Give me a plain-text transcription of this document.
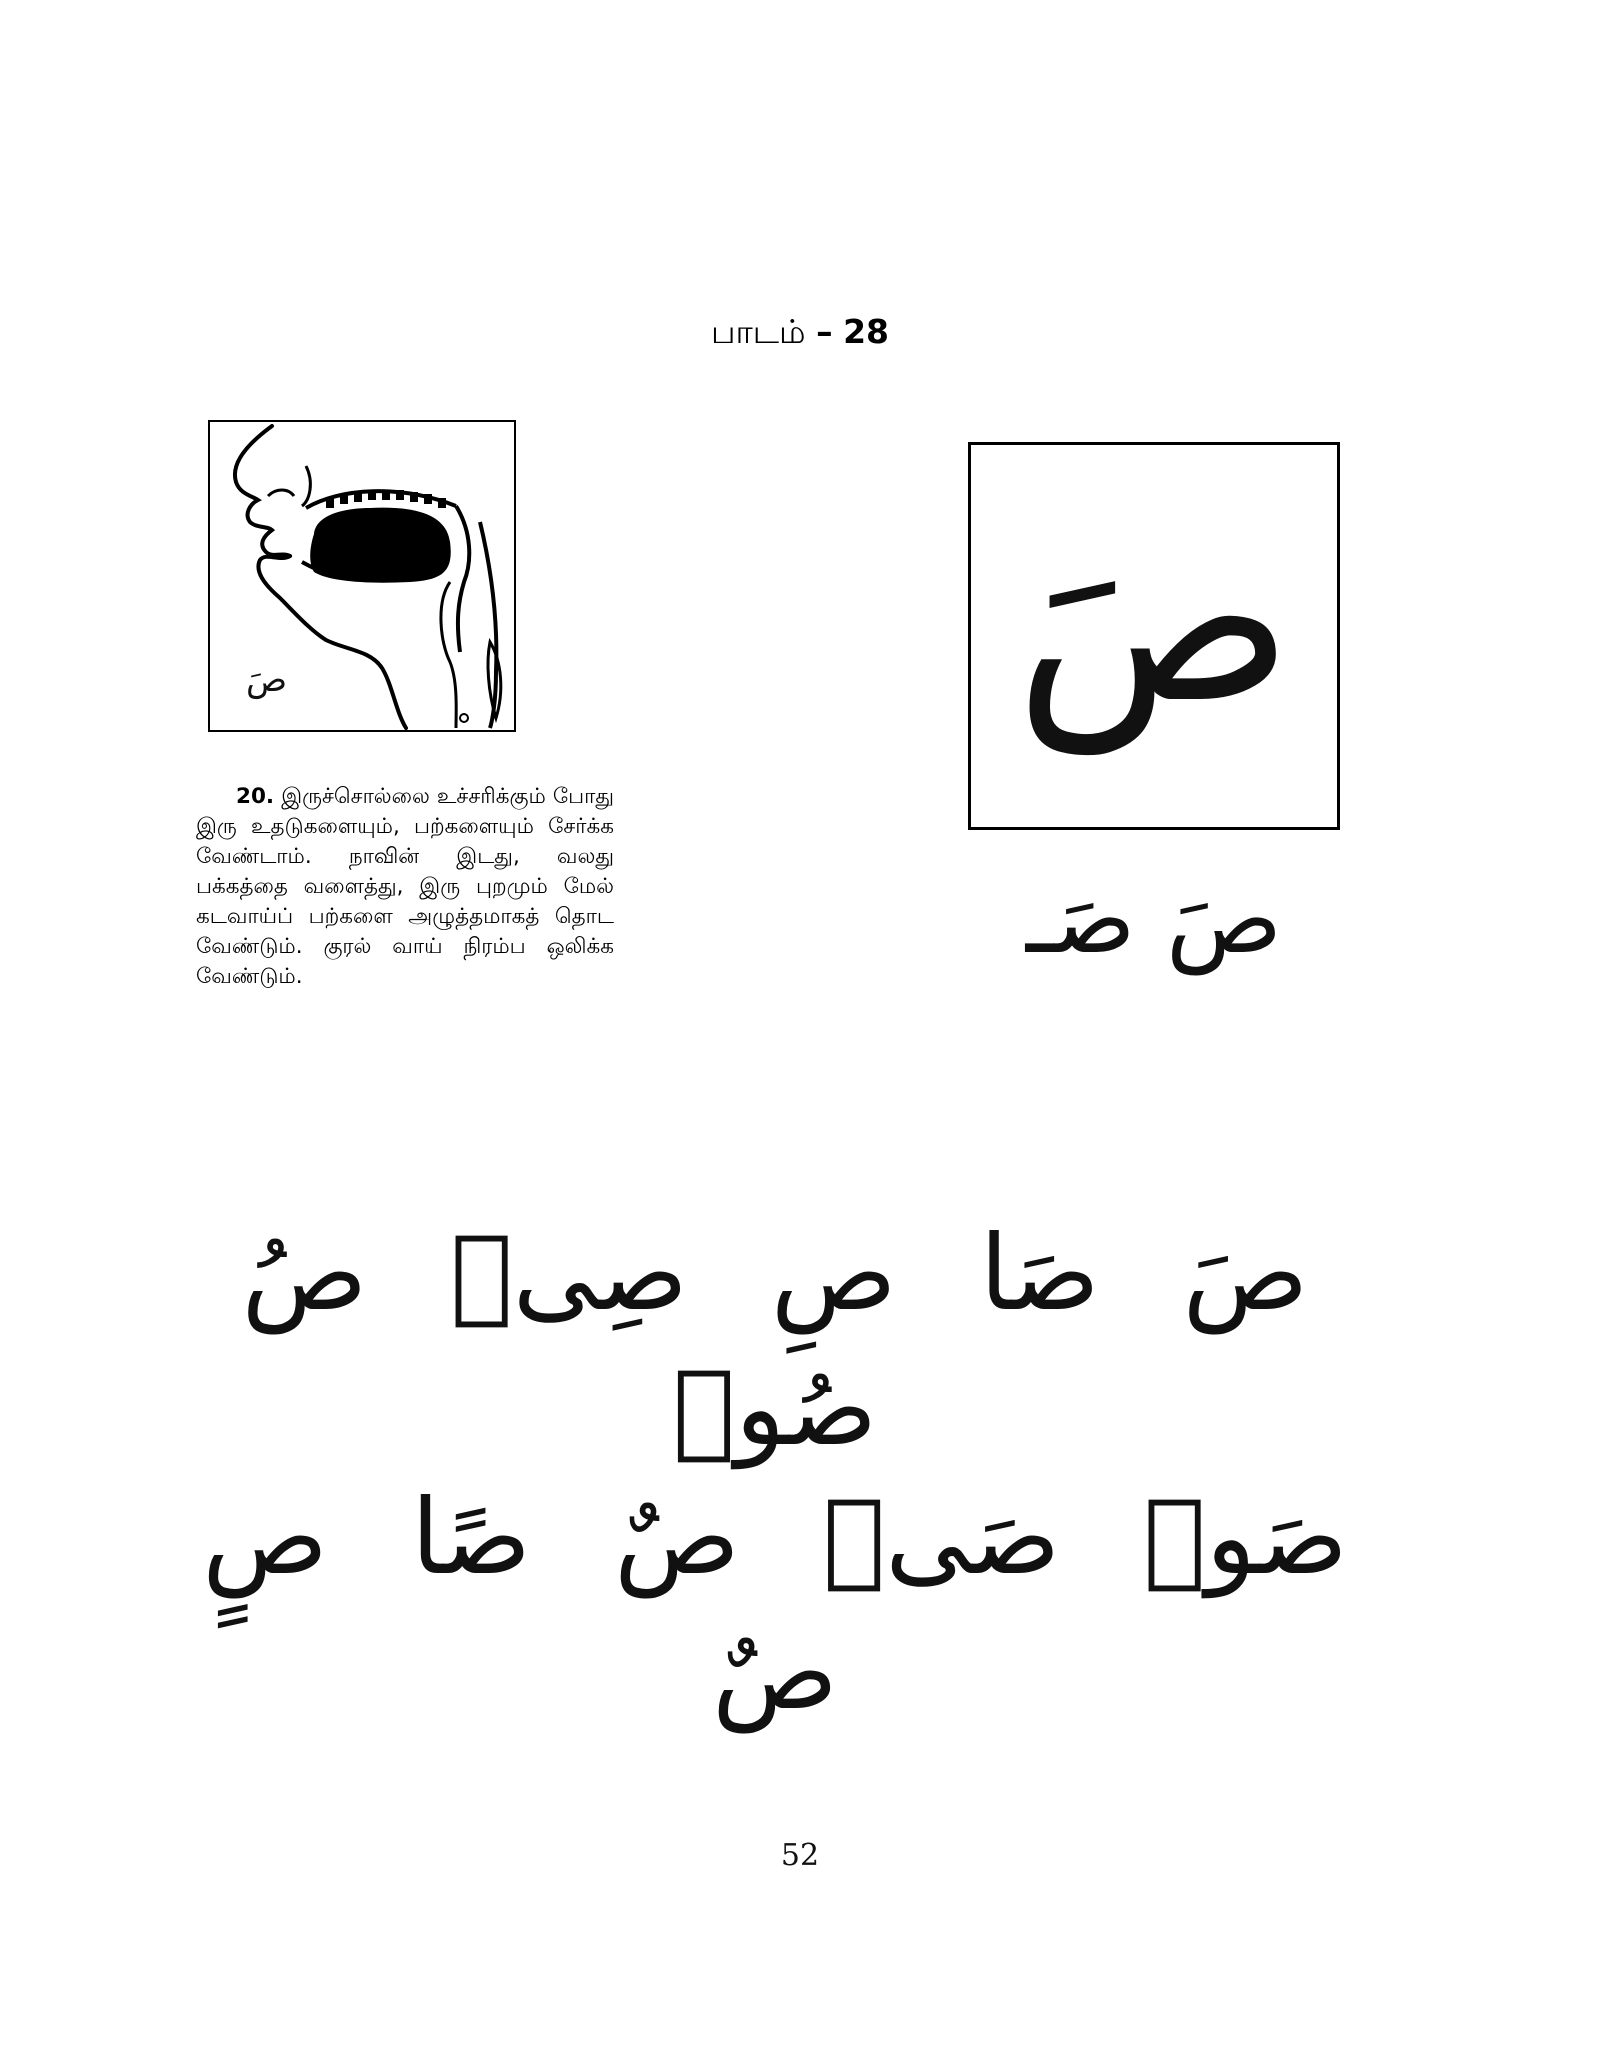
பாடம் – 28
صَ	صَ
صَ صَـ
20. இருச்சொல்லை உச்சரிக்கும் போது இரு உதடுகளையும், பற்களையும் சேர்க்க வேண்டாம். நாவின் இடது, வலது பக்கத்தை வளைத்து, இரு புறமும் மேல் கடவாய்ப் பற்களை அழுத்தமாகத் தொட வேண்டும். குரல் வாய் நிரம்ப ஒலிக்க வேண்டும்.
صَ صَا صِ صِىۡ صُ صُوۡ
صَوۡ صَىۡ صٌ صًا صٍ صٌ
52
